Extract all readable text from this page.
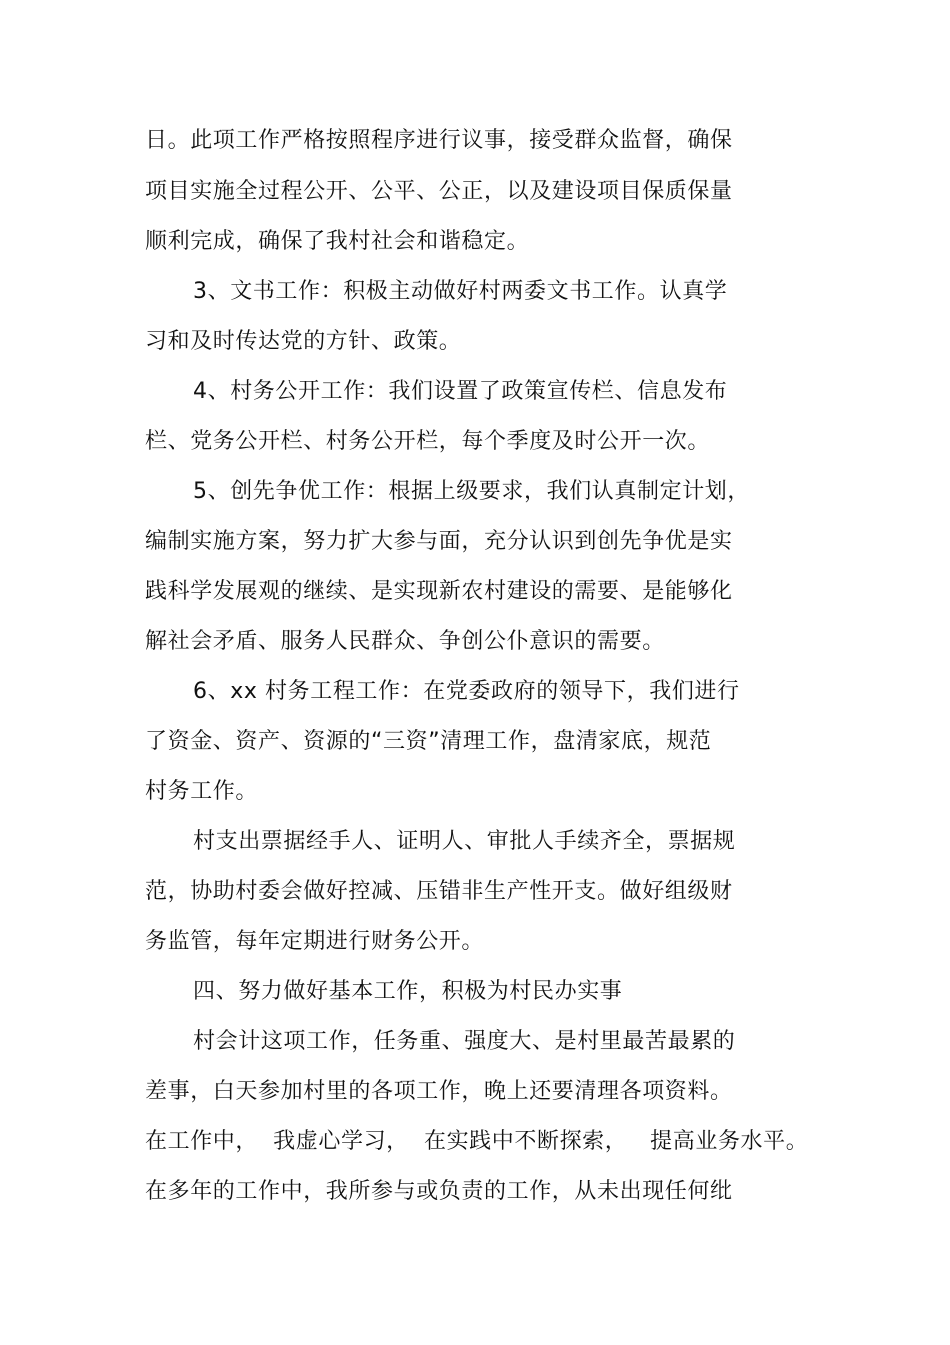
日。此项工作严格按照程序进行议事，接受群众监督，确保
项目实施全过程公开、公平、公正，以及建设项目保质保量
顺利完成，确保了我村社会和谐稳定。
3、文书工作：积极主动做好村两委文书工作。认真学
习和及时传达党的方针、政策。
4、村务公开工作：我们设置了政策宣传栏、信息发布
栏、党务公开栏、村务公开栏，每个季度及时公开一次。
5、创先争优工作：根据上级要求，我们认真制定计划，
编制实施方案，努力扩大参与面，充分认识到创先争优是实
践科学发展观的继续、是实现新农村建设的需要、是能够化
解社会矛盾、服务人民群众、争创公仆意识的需要。
6、xx 村务工程工作：在党委政府的领导下，我们进行
了资金、资产、资源的“三资”清理工作，盘清家底，规范
村务工作。
村支出票据经手人、证明人、审批人手续齐全，票据规
范，协助村委会做好控减、压错非生产性开支。做好组级财
务监管，每年定期进行财务公开。
四、努力做好基本工作，积极为村民办实事
村会计这项工作，任务重、强度大、是村里最苦最累的
差事，白天参加村里的各项工作，晚上还要清理各项资料。
在工作中，  我虚心学习，  在实践中不断探索，   提高业务水平。
在多年的工作中，我所参与或负责的工作，从未出现任何纰
